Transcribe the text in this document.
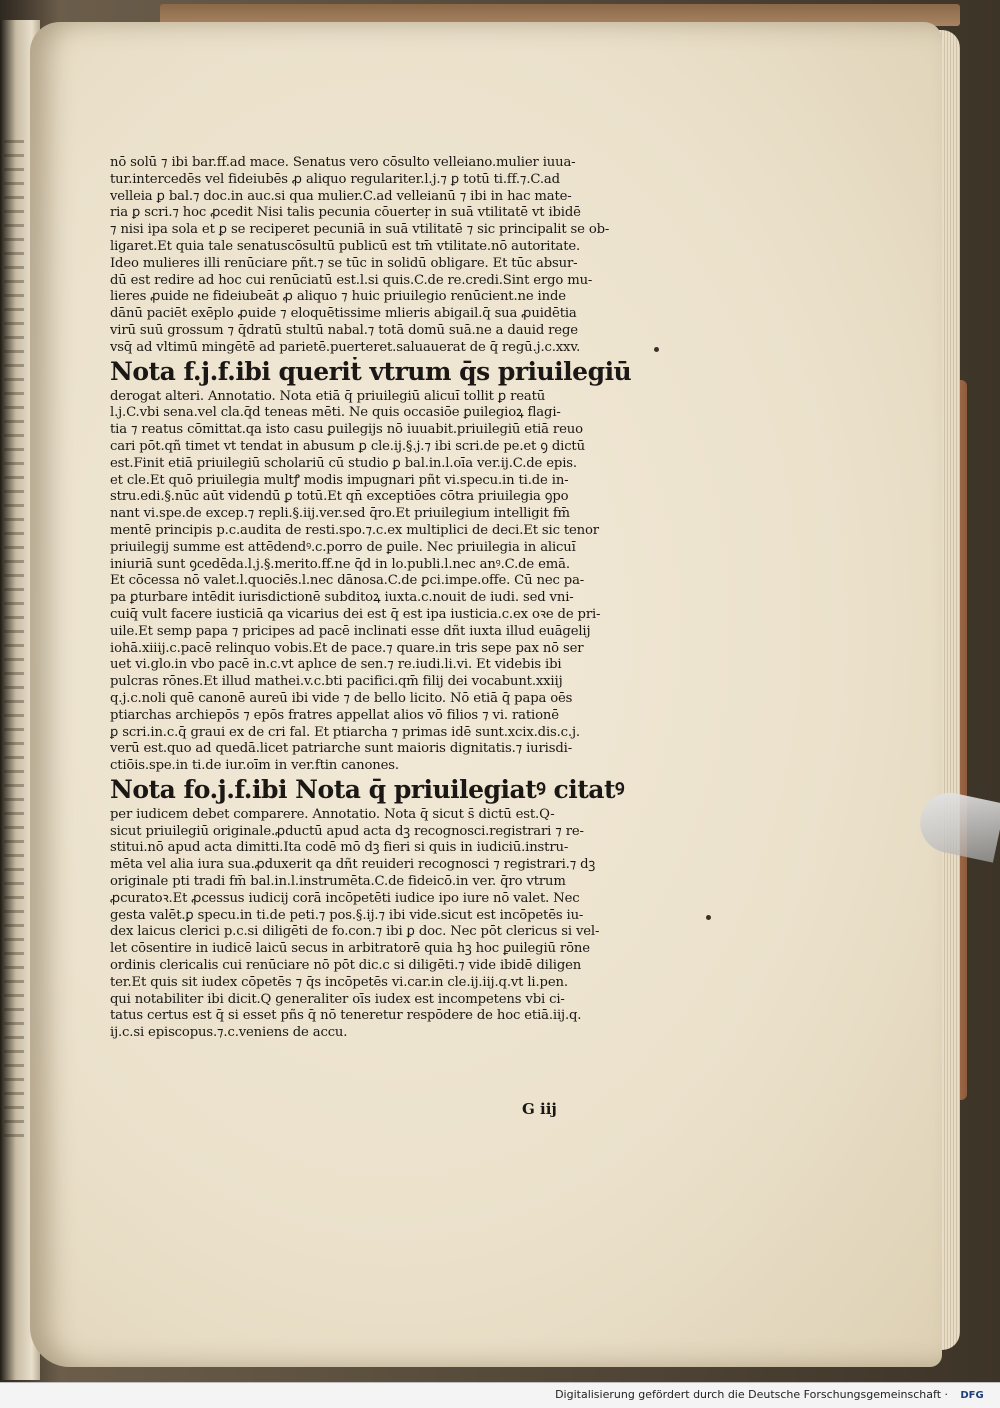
nō solū ⁊ ibi bar.ff.ad mace. Senatus vero cōsulto velleiano.mulier iuua-
tur.intercedēs vel fideiubēs ꝓ aliquo regulariter.l.j.⁊ ꝑ totū ti.ff.⁊.C.ad
velleia ꝑ bal.⁊ doc.in auc.si qua mulier.C.ad velleianū ⁊ ibi in hac mate-
ria ꝑ scri.⁊ hoc ꝓcedit Nisi talis pecunia cōuerteṛ in suā vtilitatē vt ibidē
⁊ nisi ipa sola et ꝑ se reciperet pecuniā in suā vtilitatē ⁊ sic principaliṫ se ob-
ligaret.Et quia tale senatuscōsultū publicū est tm̄ vtilitate.nō autoritate.
Ideo mulieres illi renūciare pñt.⁊ se tūc in solidū obligare. Et tūc absur-
dū est redire ad hoc cui renūciatū est.l.si quis.C.de re.credi.Sint ergo mu-
lieres ꝓuide ne fideiubeāt ꝓ aliquo ⁊ huic priuilegio renūcient.ne inde
dānū paciēṫ exēplo ꝓuide ⁊ eloquētissime mlieris abigail.q̄ sua ꝓuidētia
virū suū grossum ⁊ q̄dratū stultū nabal.⁊ totā domū suā.ne a dauid rege
vsq̄ ad vltimū mingētē ad parietē.puerteret.saluauerat de q̄ regū.j.c.xxv.
Nota f.j.f.ibi queriṫ vtrum q̄s priuilegiū
derogat alteri. Annotatio. Nota etiā q̄ priuilegiū alicuı̄ tolliṫ ꝑ reatū
l.j.C.vbi sena.vel cla.q̄d teneas mēti. Ne quis occasiōe ꝑuilegioꝝ flagi-
tia ⁊ reatus cōmittat.qa isto casu ꝑuilegijs nō iuuabiṫ.priuilegiū etiā reuo
cari pōt.qñ timeṫ vt tendat in abusum ꝑ cle.ij.§.j.⁊ ibi scri.de pe.et ꝯ dictū
est.Finiṫ etiā priuilegiū scholariū cū studio ꝑ bal.in.l.oīa ver.ij.C.de epis.
et cle.Et quō priuilegia multꝭ modis impugnari pñt vi.specu.in ti.de in-
stru.edi.§.nūc aūt videndū ꝑ totū.Et qn̄ exceptiōes cōtra priuilegia ꝯpo
nant vi.spe.de excep.⁊ repli.§.iij.ver.sed q̄ro.Et priuilegium intelligiṫ fm̄
mentē principis p.c.audita de resti.spo.⁊.c.ex multiplici de deci.Et sic tenor
priuilegij summe est attēdendꝰ.c.porro de ꝑuile. Nec priuilegia in alicuı̄
iniuriā sunt ꝯcedēda.l.j.§.merito.ff.ne q̄d in lo.publi.l.nec anꝰ.C.de emā.
Et cōcessa nō valet.l.quociēs.l.nec dānosa.C.de ꝑci.impe.offe. Cū nec pa-
pa ꝑturbare intēdit iurisdictionē subditoꝝ iuxta.c.nouit de iudi. sed vni-
cuiq̄ vult facere iusticiā qa vicarius dei est q̄ est ipa iusticia.c.ex oꝛe de pri-
uile.Et semp papa ⁊ pricipes ad pacē inclinati esse dñt iuxta illud euāgelij
iohā.xiiij.c.pacē relinquo vobis.Et de pace.⁊ quare.in ṫris sepe pax nō ser
ueṫ vi.glo.in vbo pacē in.c.vt aplıce de sen.⁊ re.iudi.li.vi. Et videbis ibi
pulcras rōnes.Et illud mathei.v.c.bti pacifici.qm̄ filij dei vocabunṫ.xxiij
q.j.c.noli quē canonē aureū ibi vide ⁊ de bello licito. Nō etiā q̄ papa oēs
pṫiarchas archiepōs ⁊ epōs fratres appellat alios vō filios ⁊ vi. rationē
ꝑ scri.in.c.q̄ graui ex de cri fal. Et pṫiarcha ⁊ primas idē sunt.xcix.dis.c.j.
verū est.quo ad quedā.licet patriarche sunt maioris dignitatis.⁊ iurisdi-
ctiōis.spe.in ti.de iur.oīm in ver.ftin canones.
Nota fo.j.f.ibi Nota q̄ priuilegiatꝰ citatꝰ
per iudicem debet comparere. Annotatio. Nota q̄ sicut s̄ dictū est.Q-
sicut priuilegiū originale.ꝓductū apud acta dꝫ recognosci.registrari ⁊ re-
stitui.nō apud acta dimitti.Ita codē mō dꝫ fieri si quis in iudiciū.instru-
mēta vel alia iura sua.ꝓduxerit qa dñt reuideri recognosci ⁊ registrari.⁊ dꝫ
originale pti tradi fm̄ bal.in.l.instrumēta.C.de fideicō.in ver. q̄ro vtrum
ꝓcuratoꝛ.Et ꝓcessus iudicij corā incōpetēti iudice ipo iure nō valet. Nec
gesta valēt.ꝑ specu.in ti.de peti.⁊ pos.§.ij.⁊ ibi vide.sicut est incōpetēs iu-
dex laicus clerici p.c.si diligēti de fo.con.⁊ ibi ꝑ doc. Nec pōt clericus si vel-
let cōsentire in iudicē laicū secus in arbitratorē quia hꝫ hoc ꝑuilegiū rōne
ordinis clericalis cui renūciare nō pōt dic.c si diligēti.⁊ vide ibidē diligen
ter.Et quis sit iudex cōpetēs ⁊ q̄s incōpetēs vi.car.in cle.ij.iij.q.vt li.pen.
qui notabiliter ibi dicit.Q generaliter oīs iudex est incompetens vbi ci-
tatus certus est q̄ si esset pñs q̄ nō teneretur respōdere de hoc etiā.iij.q.
ij.c.si episcopus.⁊.c.veniens de accu.
G iij
Digitalisierung gefördert durch die Deutsche Forschungsgemeinschaft ·	DFG
